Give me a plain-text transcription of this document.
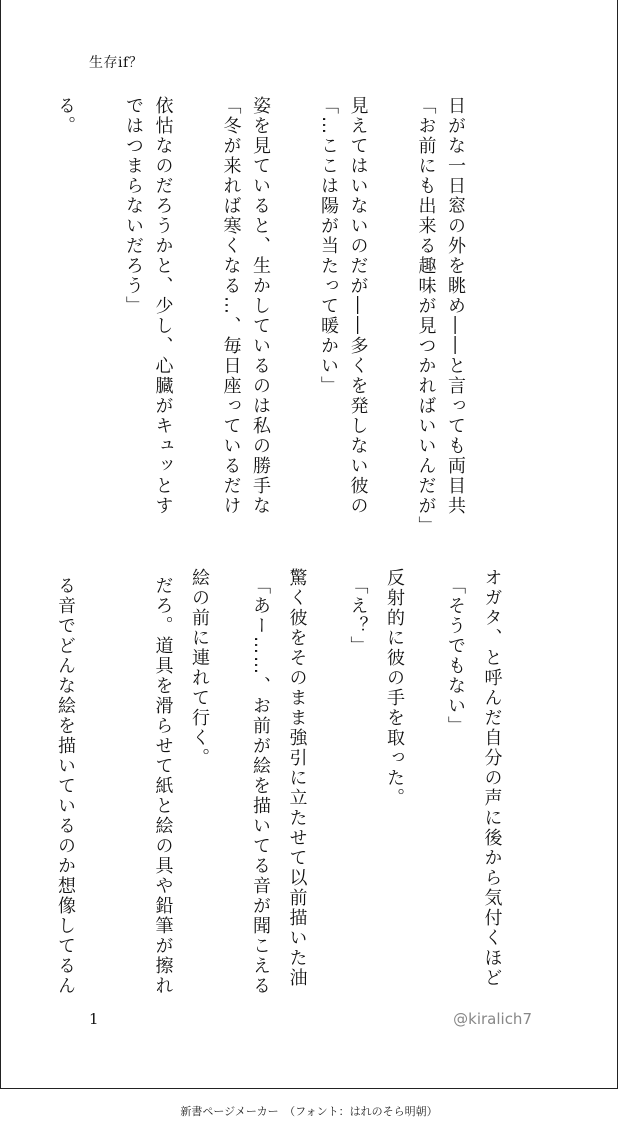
生存if？

日がな一日窓の外を眺め――と言っても両目共

見えてはいないのだが――多くを発しない彼の

姿を見ていると、生かしているのは私の勝手な

依怙なのだろうかと、少し、心臓がキュッとす

る。

	「お前にも出来る趣味が見つかればいいんだが」

「…ここは陽が当たって暖かい」

「冬が来れば寒くなる…、毎日座っているだけ

ではつまらないだろう」

「そうでもない」

「え？」

「あー……、お前が絵を描いてる音が聞こえる

だろ。道具を滑らせて紙と絵の具や鉛筆が擦れ

る音でどんな絵を描いているのか想像してるん

	オガタ、と呼んだ自分の声に後から気付くほど

反射的に彼の手を取った。

驚く彼をそのまま強引に立たせて以前描いた油

絵の前に連れて行く。

1	@kiralich7
新書ページメーカー　（フォント：はれのそら明朝）
